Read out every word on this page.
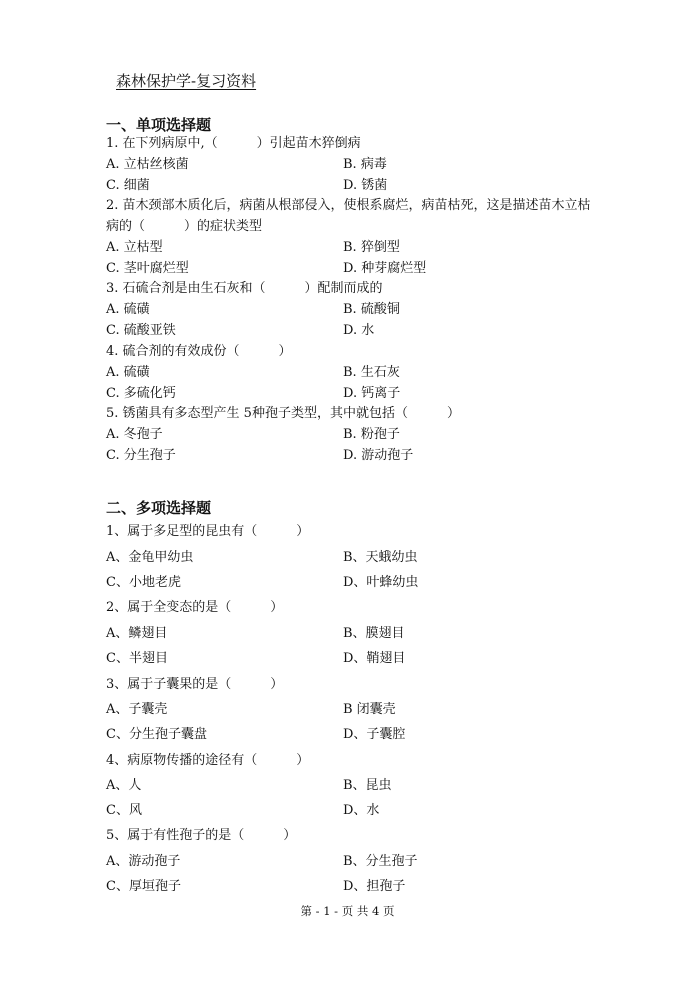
森林保护学-复习资料
一、单项选择题
1. 在下列病原中,（　　　）引起苗木猝倒病
A. 立枯丝核菌	B. 病毒
C. 细菌	D. 锈菌
2. 苗木颈部木质化后，病菌从根部侵入，使根系腐烂，病苗枯死，这是描述苗木立枯
病的（　　　）的症状类型
A. 立枯型	B. 猝倒型
C. 茎叶腐烂型	D. 种芽腐烂型
3. 石硫合剂是由生石灰和（　　　）配制而成的
A. 硫磺	B. 硫酸铜
C. 硫酸亚铁	D. 水
4. 硫合剂的有效成份（　　　）
A. 硫磺	B. 生石灰
C. 多硫化钙	D. 钙离子
5. 锈菌具有多态型产生 5种孢子类型，其中就包括（　　　）
A. 冬孢子	B. 粉孢子
C. 分生孢子	D. 游动孢子
二、多项选择题
1、属于多足型的昆虫有（　　　）
A、金龟甲幼虫	B、天蛾幼虫
C、小地老虎	D、叶蜂幼虫
2、属于全变态的是（　　　）
A、鳞翅目	B、膜翅目
C、半翅目	D、鞘翅目
3、属于子囊果的是（　　　）
A、子囊壳	B 闭囊壳
C、分生孢子囊盘	D、子囊腔
4、病原物传播的途径有（　　　）
A、人	B、昆虫
C、风	D、水
5、属于有性孢子的是（　　　）
A、游动孢子	B、分生孢子
C、厚垣孢子	D、担孢子
第 - 1 - 页 共 4 页
